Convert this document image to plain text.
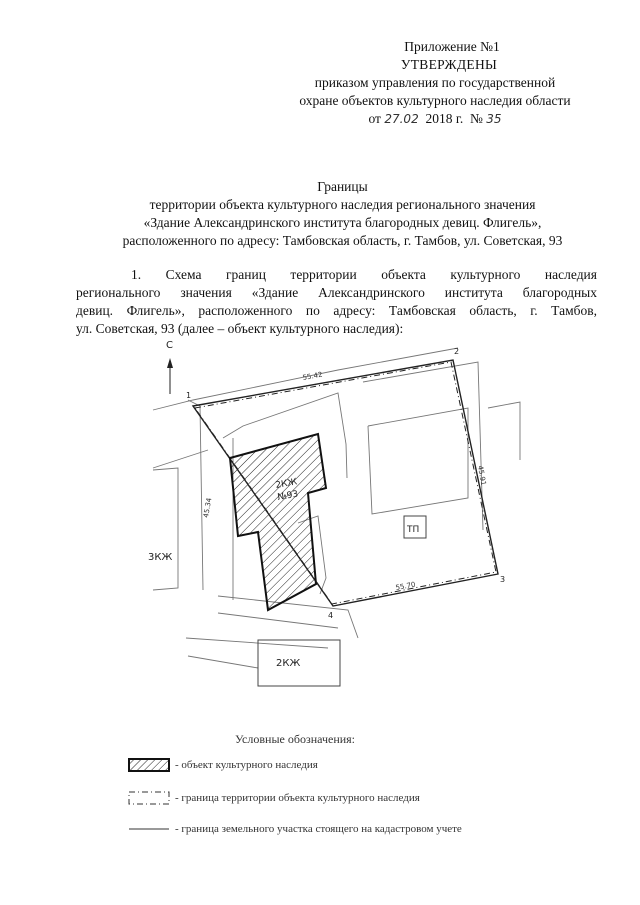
Приложение №1
УТВЕРЖДЕНЫ
приказом управления по государственной
охране объектов культурного наследия области
от 27.02 2018 г. № 35
Границы
территории объекта культурного наследия регионального значения
«Здание Александринского института благородных девиц. Флигель»,
расположенного по адресу: Тамбовская область, г. Тамбов, ул. Советская, 93
1. Схема границ территории объекта культурного наследия
регионального значения «Здание Александринского института благородных
девиц. Флигель», расположенного по адресу: Тамбовская область, г. Тамбов,
ул. Советская, 93 (далее – объект культурного наследия):
С
2КЖ
ТП
3КЖ
2КЖ
№93
55.42
45.34
45.91
55.70
1
2
3
4
Условные обозначения:
- объект культурного наследия
- граница территории объекта культурного наследия
- граница земельного участка стоящего на кадастровом учете
